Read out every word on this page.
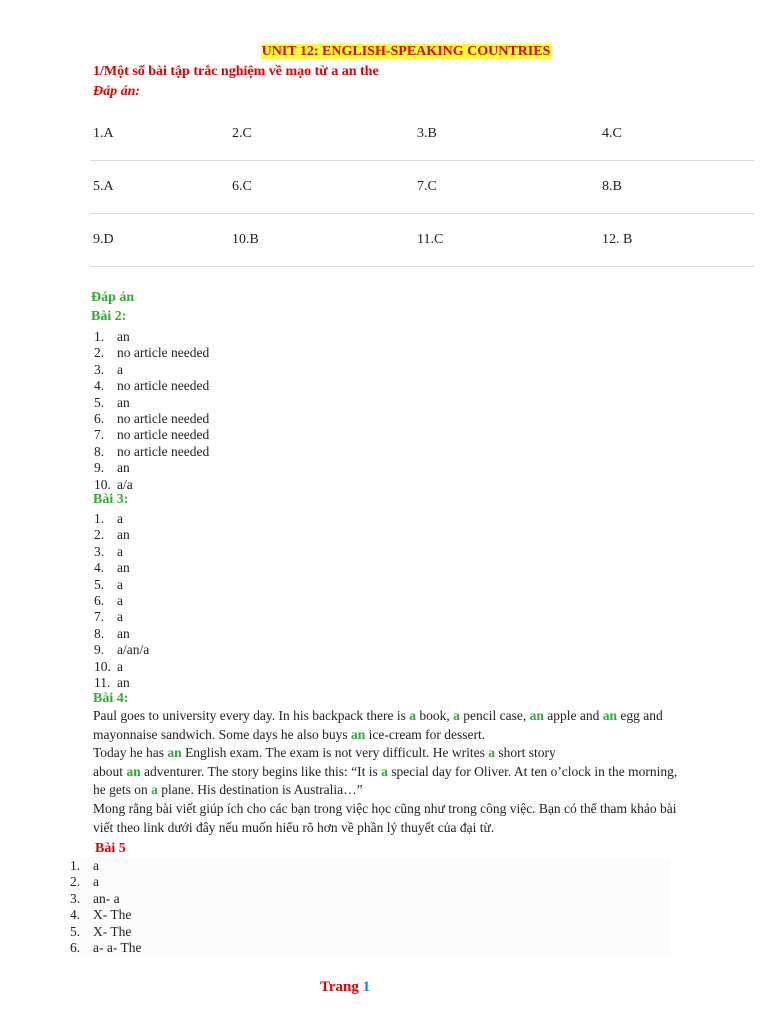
UNIT 12: ENGLISH-SPEAKING COUNTRIES
1/Một số bài tập trắc nghiệm về mạo từ a an the
Đáp án:
1.A	2.C	3.B	4.C
5.A	6.C	7.C	8.B
9.D	10.B	11.C	12. B
Đáp án
Bài 2:
1. an
2. no article needed
3. a
4. no article needed
5. an
6. no article needed
7. no article needed
8. no article needed
9. an
10. a/a
Bài 3:
1. a
2. an
3. a
4. an
5. a
6. a
7. a
8. an
9. a/an/a
10. a
11. an
Bài 4:

Paul goes to university every day. In his backpack there is a book, a pencil case, an apple and an egg and mayonnaise sandwich. Some days he also buys an ice-cream for dessert.

Today he has an English exam. The exam is not very difficult. He writes a short story

about an adventurer. The story begins like this: “It is a special day for Oliver. At ten o’clock in the morning, he gets on a plane. His destination is Australia…”

Mong rằng bài viết giúp ích cho các bạn trong việc học cũng như trong công việc. Bạn có thể tham khảo bài viết theo link dưới đây nếu muốn hiểu rõ hơn về phần lý thuyết của đại từ.

Bài 5
1. a
2. a
3. an- a
4. X- The
5. X- The
6. a- a- The
Trang 1
